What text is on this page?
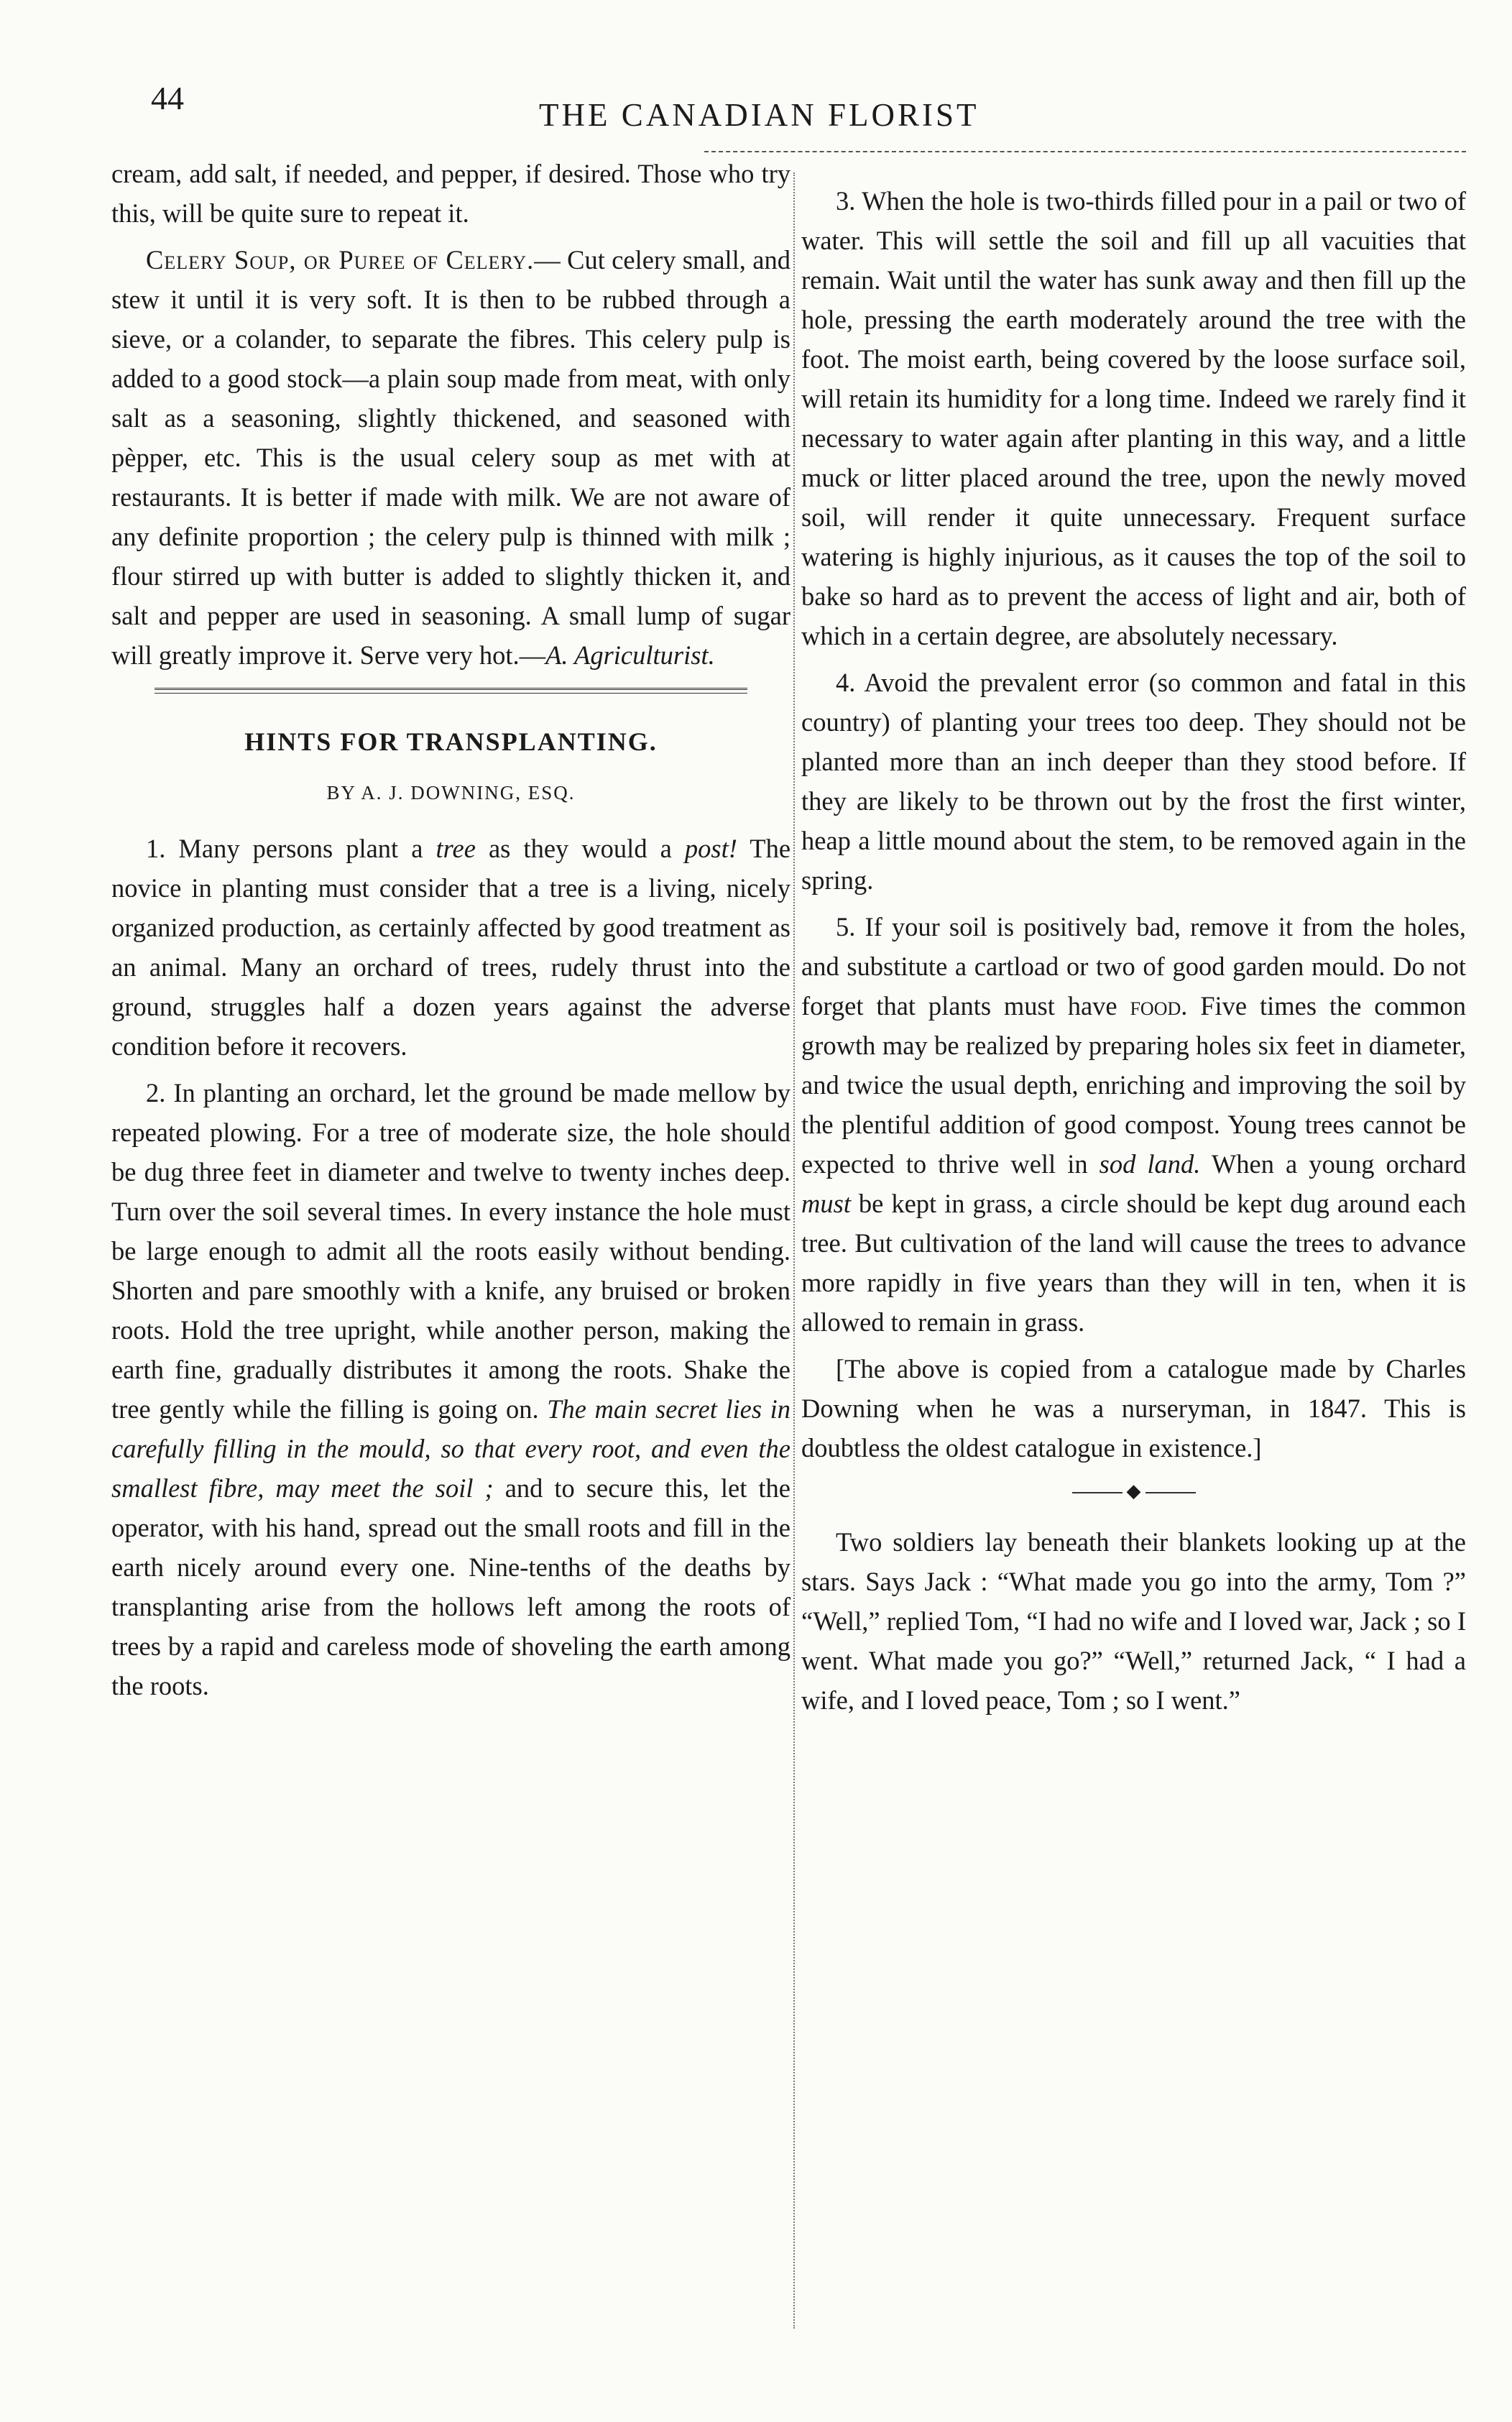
44	THE CANADIAN FLORIST

cream, add salt, if needed, and pepper, if desired. Those who try this, will be quite sure to repeat it.

Celery Soup, or Puree of Celery.— Cut celery small, and stew it until it is very soft. It is then to be rubbed through a sieve, or a colander, to separate the fibres. This celery pulp is added to a good stock—a plain soup made from meat, with only salt as a seasoning, slightly thickened, and seasoned with pèpper, etc. This is the usual celery soup as met with at restaurants. It is better if made with milk. We are not aware of any definite proportion ; the celery pulp is thinned with milk ; flour stirred up with butter is added to slightly thicken it, and salt and pepper are used in seasoning. A small lump of sugar will greatly improve it. Serve very hot.—A. Agriculturist.

HINTS FOR TRANSPLANTING.
BY A. J. DOWNING, ESQ.

1. Many persons plant a tree as they would a post! The novice in planting must consider that a tree is a living, nicely organized production, as certainly affected by good treatment as an animal. Many an orchard of trees, rudely thrust into the ground, struggles half a dozen years against the adverse condition before it recovers.

2. In planting an orchard, let the ground be made mellow by repeated plowing. For a tree of moderate size, the hole should be dug three feet in diameter and twelve to twenty inches deep. Turn over the soil several times. In every instance the hole must be large enough to admit all the roots easily without bending. Shorten and pare smoothly with a knife, any bruised or broken roots. Hold the tree upright, while another person, making the earth fine, gradually distributes it among the roots. Shake the tree gently while the filling is going on. The main secret lies in carefully filling in the mould, so that every root, and even the smallest fibre, may meet the soil ; and to secure this, let the operator, with his hand, spread out the small roots and fill in the earth nicely around every one. Nine-tenths of the deaths by transplanting arise from the hollows left among the roots of trees by a rapid and careless mode of shoveling the earth among the roots.

3. When the hole is two-thirds filled pour in a pail or two of water. This will settle the soil and fill up all vacuities that remain. Wait until the water has sunk away and then fill up the hole, pressing the earth moderately around the tree with the foot. The moist earth, being covered by the loose surface soil, will retain its humidity for a long time. Indeed we rarely find it necessary to water again after planting in this way, and a little muck or litter placed around the tree, upon the newly moved soil, will render it quite unnecessary. Frequent surface watering is highly injurious, as it causes the top of the soil to bake so hard as to prevent the access of light and air, both of which in a certain degree, are absolutely necessary.

4. Avoid the prevalent error (so common and fatal in this country) of planting your trees too deep. They should not be planted more than an inch deeper than they stood before. If they are likely to be thrown out by the frost the first winter, heap a little mound about the stem, to be removed again in the spring.

5. If your soil is positively bad, remove it from the holes, and substitute a cartload or two of good garden mould. Do not forget that plants must have food. Five times the common growth may be realized by preparing holes six feet in diameter, and twice the usual depth, enriching and improving the soil by the plentiful addition of good compost. Young trees cannot be expected to thrive well in sod land. When a young orchard must be kept in grass, a circle should be kept dug around each tree. But cultivation of the land will cause the trees to advance more rapidly in five years than they will in ten, when it is allowed to remain in grass.

[The above is copied from a catalogue made by Charles Downing when he was a nurseryman, in 1847. This is doubtless the oldest catalogue in existence.]

◆

Two soldiers lay beneath their blankets looking up at the stars. Says Jack : “What made you go into the army, Tom ?” “Well,” replied Tom, “I had no wife and I loved war, Jack ; so I went. What made you go?” “Well,” returned Jack, “ I had a wife, and I loved peace, Tom ; so I went.”
